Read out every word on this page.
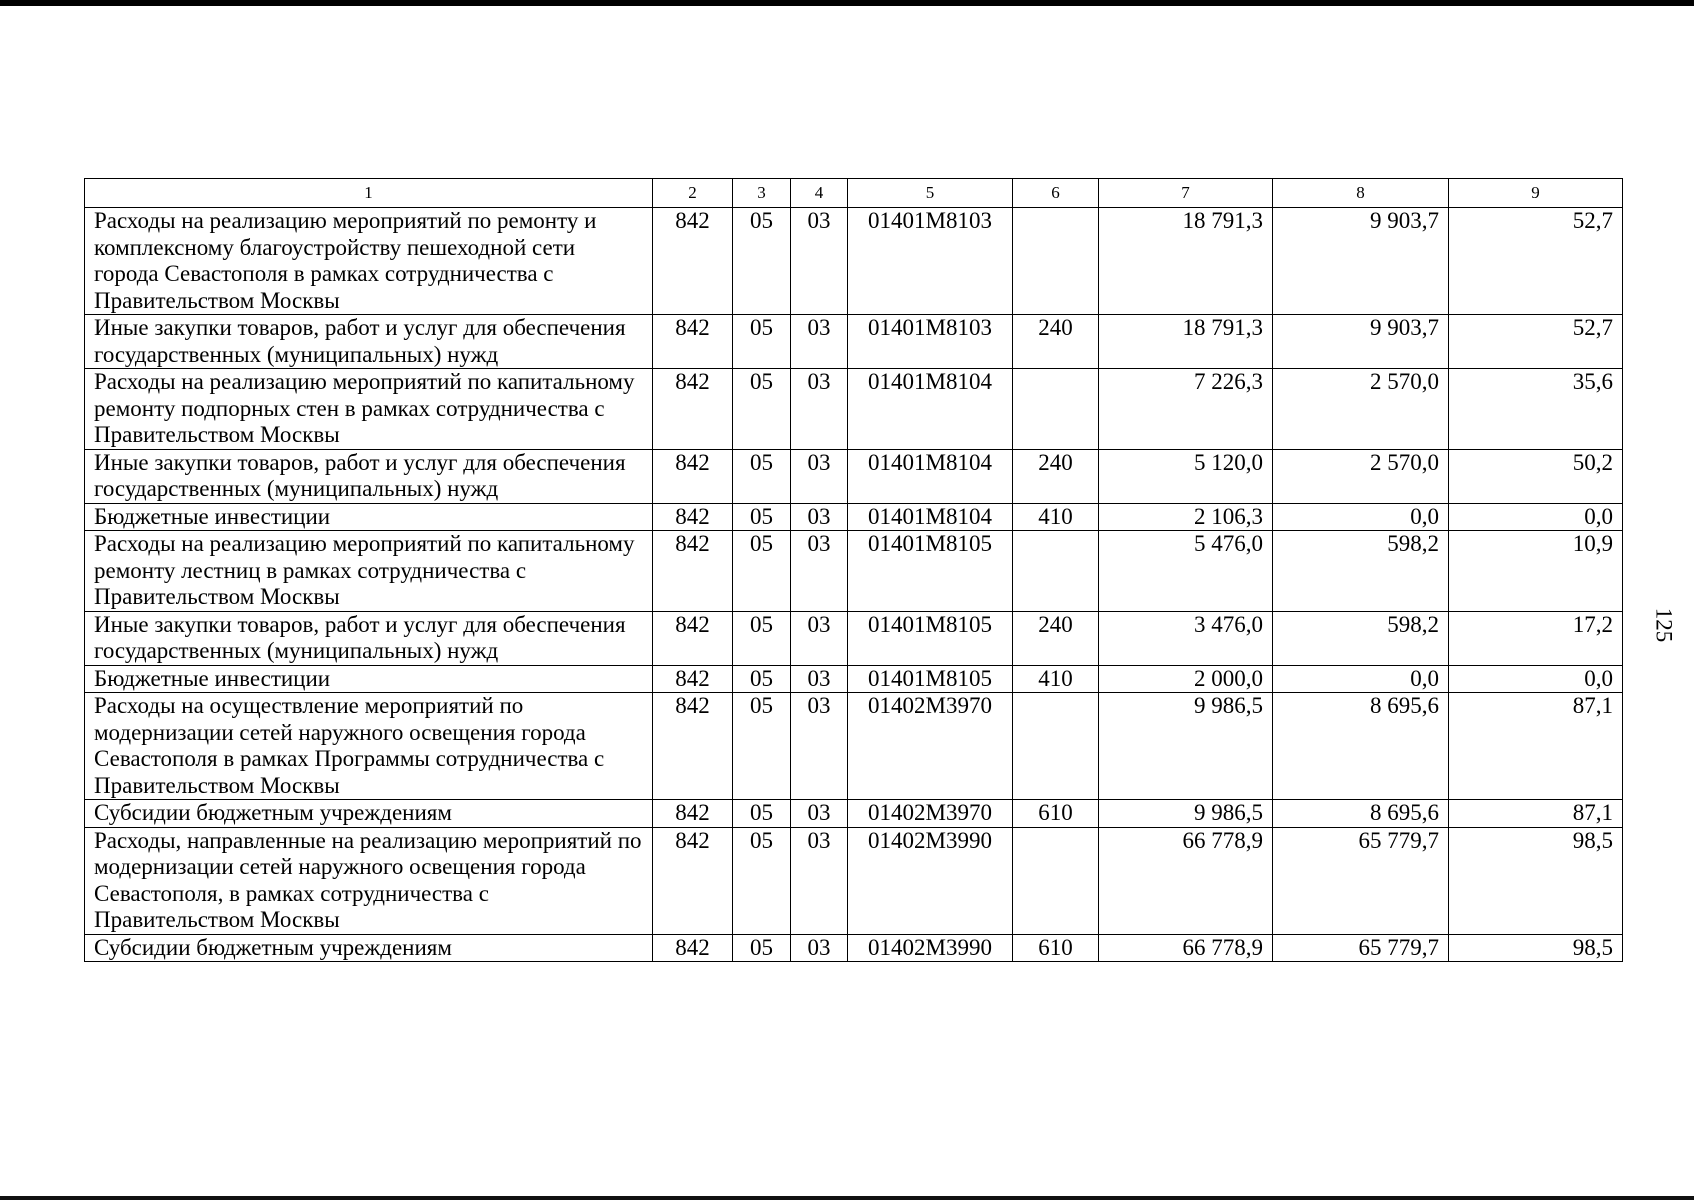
1	2	3	4	5	6	7	8	9
Расходы на реализацию мероприятий по ремонту и комплексному благоустройству пешеходной сети города Севастополя в рамках сотрудничества с Правительством Москвы	842	05	03	01401M8103		18 791,3	9 903,7	52,7
Иные закупки товаров, работ и услуг для обеспечения государственных (муниципальных) нужд	842	05	03	01401M8103	240	18 791,3	9 903,7	52,7
Расходы на реализацию мероприятий по капитальному ремонту подпорных стен в рамках сотрудничества с Правительством Москвы	842	05	03	01401M8104		7 226,3	2 570,0	35,6
Иные закупки товаров, работ и услуг для обеспечения государственных (муниципальных) нужд	842	05	03	01401M8104	240	5 120,0	2 570,0	50,2
Бюджетные инвестиции	842	05	03	01401M8104	410	2 106,3	0,0	0,0
Расходы на реализацию мероприятий по капитальному ремонту лестниц в рамках сотрудничества с Правительством Москвы	842	05	03	01401M8105		5 476,0	598,2	10,9
Иные закупки товаров, работ и услуг для обеспечения государственных (муниципальных) нужд	842	05	03	01401M8105	240	3 476,0	598,2	17,2
Бюджетные инвестиции	842	05	03	01401M8105	410	2 000,0	0,0	0,0
Расходы на осуществление мероприятий по модернизации сетей наружного освещения города Севастополя в рамках Программы сотрудничества с Правительством Москвы	842	05	03	01402M3970		9 986,5	8 695,6	87,1
Субсидии бюджетным учреждениям	842	05	03	01402M3970	610	9 986,5	8 695,6	87,1
Расходы, направленные на реализацию мероприятий по модернизации сетей наружного освещения города Севастополя, в рамках сотрудничества с Правительством Москвы	842	05	03	01402M3990		66 778,9	65 779,7	98,5
Субсидии бюджетным учреждениям	842	05	03	01402M3990	610	66 778,9	65 779,7	98,5
125
